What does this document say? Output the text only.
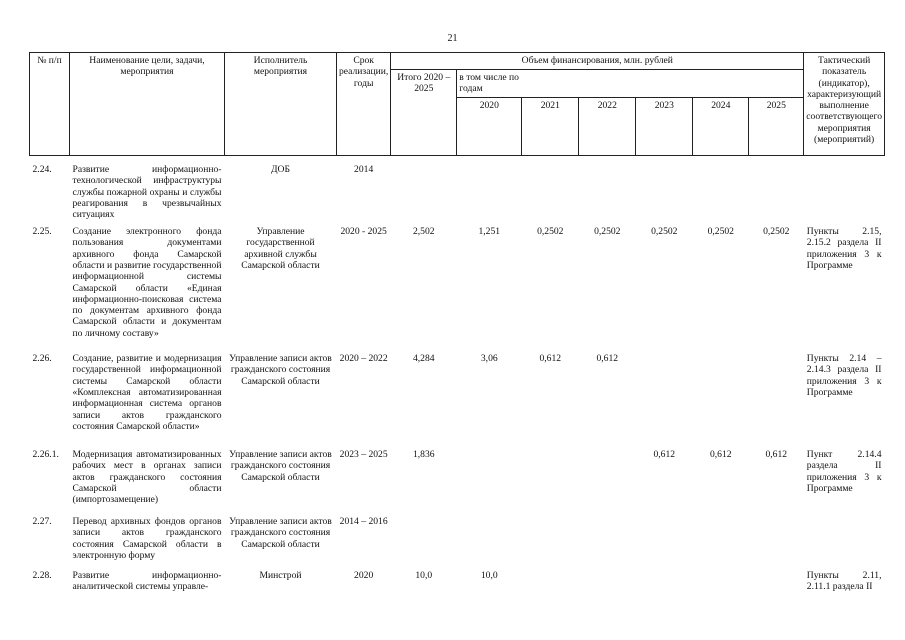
21
№ п/п	Наименование цели, задачи, мероприятия	Исполнитель мероприятия	Срок реализации, годы	Объем финансирования, млн. рублей							Тактический показатель (индикатор), характеризующий выполнение соответствующего мероприятия (мероприятий)
				Итого 2020 – 2025	в том числе по годам						
					2020	2021	2022	2023	2024	2025	

2.24.	Развитие информационно-технологической инфраструктуры службы пожарной охраны и службы реагирования в чрезвычайных ситуациях	ДОБ	2014								
2.25.	Создание электронного фонда пользования документами архивного фонда Самарской области и развитие государственной информационной системы Самарской области «Единая информационно-поисковая система по документам архивного фонда Самарской области и документам по личному составу»	Управление государственной архивной службы Самарской области	2020 - 2025	2,502	1,251	0,2502	0,2502	0,2502	0,2502	0,2502	Пункты 2.15, 2.15.2 раздела II приложения 3 к Программе
2.26.	Создание, развитие и модернизация государственной информационной системы Самарской области «Комплексная автоматизированная информационная система органов записи актов гражданского состояния Самарской области»	Управление записи актов гражданского состояния Самарской области	2020 – 2022	4,284	3,06	0,612	0,612				Пункты 2.14 – 2.14.3 раздела II приложения 3 к Программе
2.26.1.	Модернизация автоматизированных рабочих мест в органах записи актов гражданского состояния Самарской области (импортозамещение)	Управление записи актов гражданского состояния Самарской области	2023 – 2025	1,836				0,612	0,612	0,612	Пункт 2.14.4 раздела II приложения 3 к Программе
2.27.	Перевод архивных фондов органов записи актов гражданского состояния Самарской области в электронную форму	Управление записи актов гражданского состояния Самарской области	2014 – 2016								
2.28.	Развитие информационно-аналитической системы управле-	Минстрой	2020	10,0	10,0						Пункты 2.11, 2.11.1 раздела II
